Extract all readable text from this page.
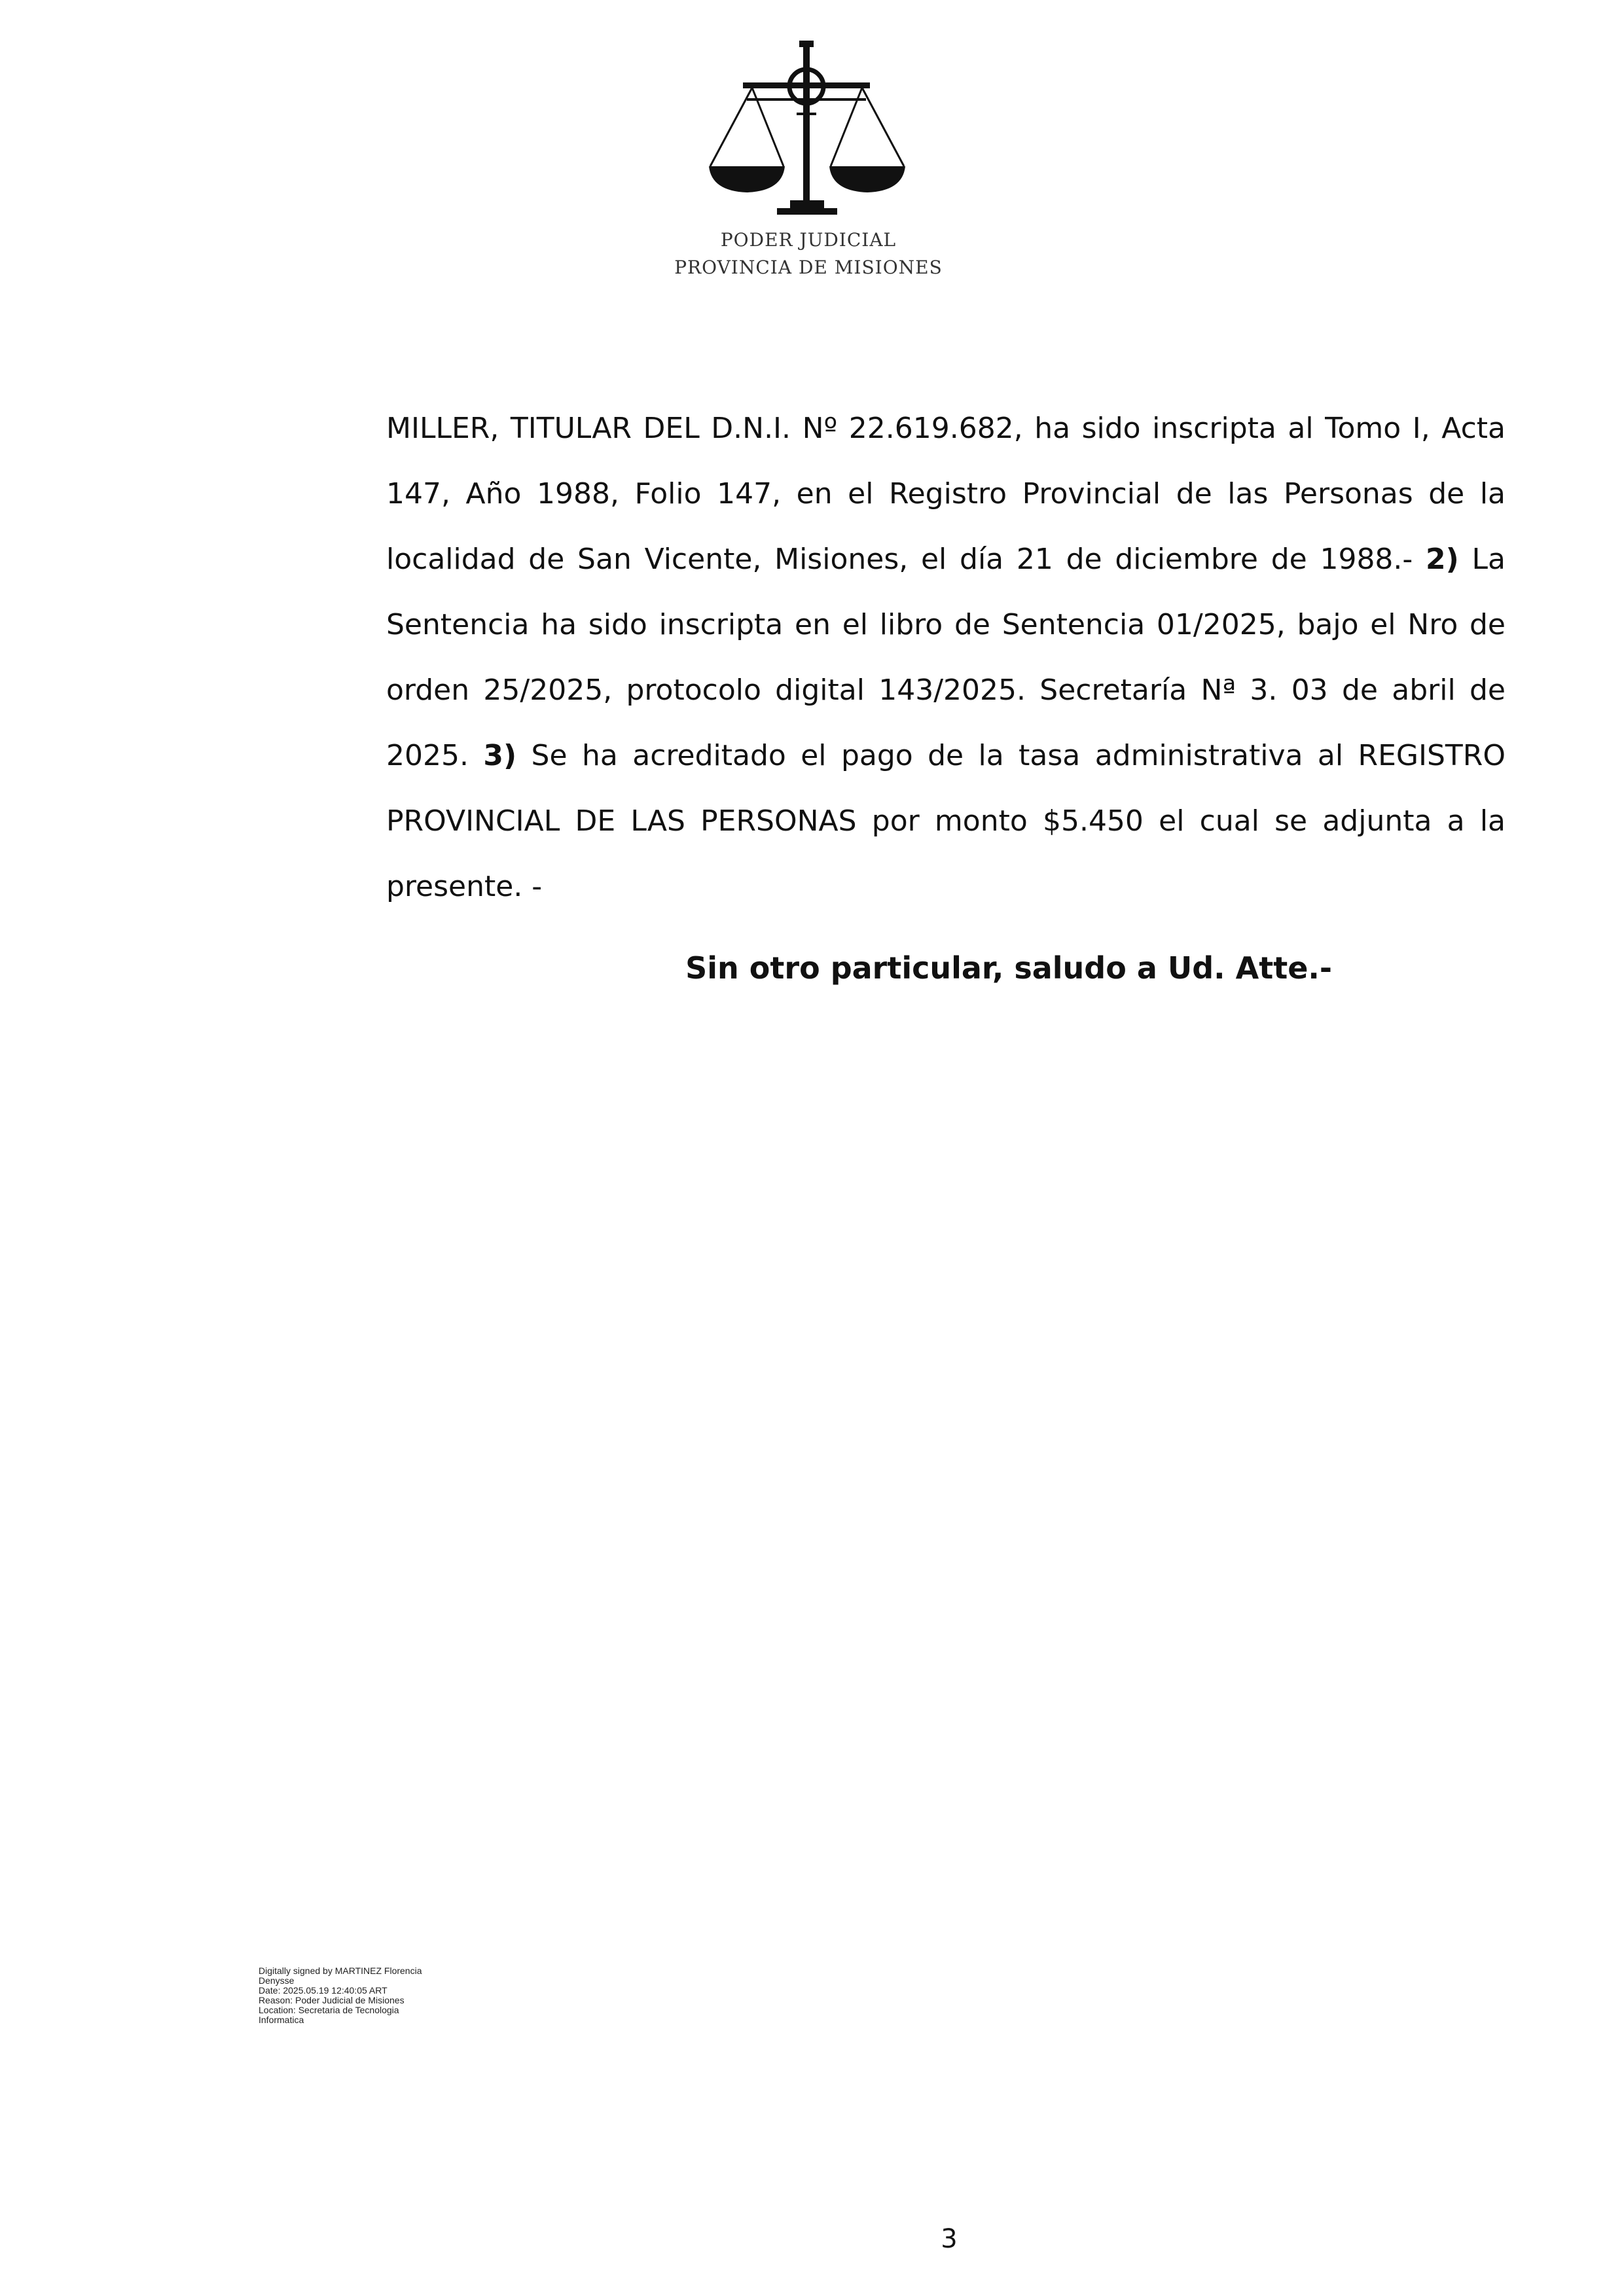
PODER JUDICIAL
PROVINCIA DE MISIONES
MILLER, TITULAR DEL D.N.I. Nº 22.619.682, ha sido inscripta al Tomo I, Acta 147, Año 1988, Folio 147, en el Registro Provincial de las Personas de la localidad de San Vicente, Misiones, el día 21 de diciembre de 1988.- 2) La Sentencia ha sido inscripta en el libro de Sentencia 01/2025, bajo el Nro de orden 25/2025, protocolo digital 143/2025. Secretaría Nª 3. 03 de abril de 2025. 3) Se ha acreditado el pago de la tasa administrativa al REGISTRO PROVINCIAL DE LAS PERSONAS por monto $5.450 el cual se adjunta a la presente. -
Sin otro particular, saludo a Ud. Atte.-
Digitally signed by MARTINEZ Florencia
Denysse
Date: 2025.05.19 12:40:05 ART
Reason: Poder Judicial de Misiones
Location: Secretaria de Tecnologia
Informatica
3
